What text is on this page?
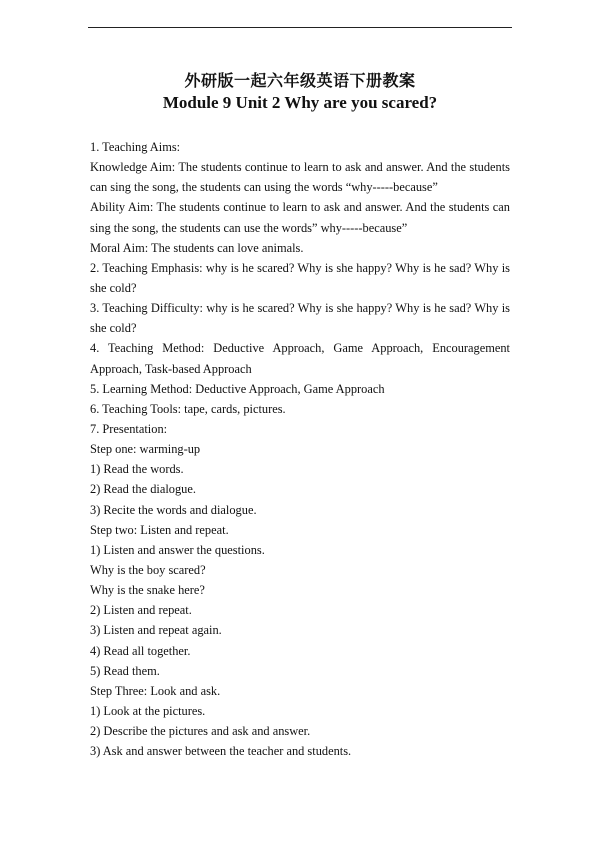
外研版一起六年级英语下册教案
Module 9 Unit 2 Why are you scared?
1. Teaching Aims:
Knowledge Aim: The students continue to learn to ask and answer. And the students
can sing the song, the students can using the words “why-----because”
Ability Aim: The students continue to learn to ask and answer. And the students can
sing the song, the students can use the words” why-----because”
Moral Aim: The students can love animals.
2. Teaching Emphasis: why is he scared? Why is she happy? Why is he sad? Why is
she cold?
3. Teaching Difficulty: why is he scared? Why is she happy? Why is he sad? Why is
she cold?
4. Teaching Method: Deductive Approach, Game Approach, Encouragement
Approach, Task-based Approach
5. Learning Method: Deductive Approach, Game Approach
6. Teaching Tools: tape, cards, pictures.
7. Presentation:
Step one: warming-up
1) Read the words.
2) Read the dialogue.
3) Recite the words and dialogue.
Step two: Listen and repeat.
1) Listen and answer the questions.
Why is the boy scared?
Why is the snake here?
2) Listen and repeat.
3) Listen and repeat again.
4) Read all together.
5) Read them.
Step Three: Look and ask.
1) Look at the pictures.
2) Describe the pictures and ask and answer.
3) Ask and answer between the teacher and students.
